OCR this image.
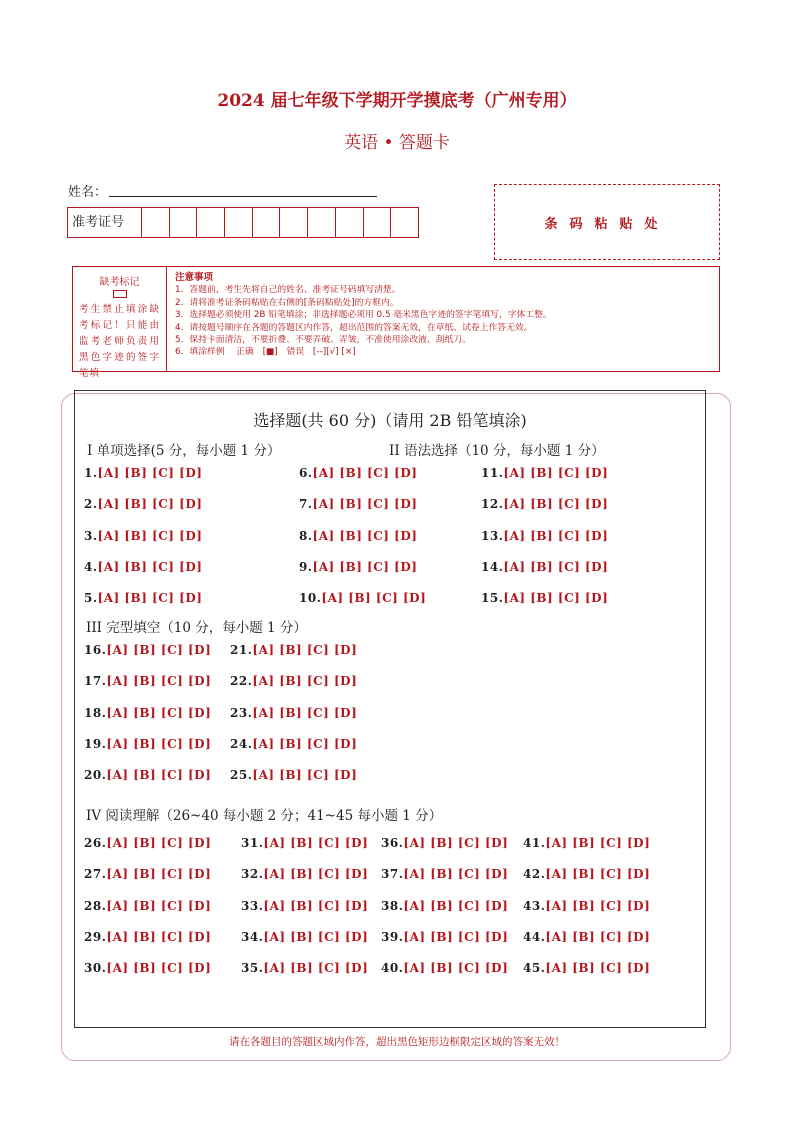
2024 届七年级下学期开学摸底考（广州专用）
英语 • 答题卡
姓名：
准考证号	条码粘贴处
缺考标记
考生禁止填涂缺考标记！只能由监考老师负责用黑色字迹的签字笔填
注意事项
1．答题前，考生先将自己的姓名、准考证号码填写清楚。
2．请将准考证条码粘贴在右侧的[条码粘贴处]的方框内。
3．选择题必须使用 2B 铅笔填涂；非选择题必须用 0.5 毫米黑色字迹的签字笔填写，字体工整。
4．请按题号顺序在各题的答题区内作答，超出范围的答案无效，在草纸、试卷上作答无效。
5．保持卡面清洁，不要折叠、不要弄破、弄皱，不准使用涂改液、刮纸刀。
6．填涂样例　 正确　[■]　错误　[--][√] [×]
选择题(共 60 分)（请用 2B 铅笔填涂)
Ⅰ 单项选择(5 分，每小题 1 分）	II 语法选择（10 分，每小题 1 分）
III 完型填空（10 分，每小题 1 分）
IV 阅读理解（26~40 每小题 2 分；41~45 每小题 1 分）
1.[A] [B] [C] [D]
2.[A] [B] [C] [D]
3.[A] [B] [C] [D]
4.[A] [B] [C] [D]
5.[A] [B] [C] [D]
6.[A] [B] [C] [D]
7.[A] [B] [C] [D]
8.[A] [B] [C] [D]
9.[A] [B] [C] [D]
10.[A] [B] [C] [D]
11.[A] [B] [C] [D]
12.[A] [B] [C] [D]
13.[A] [B] [C] [D]
14.[A] [B] [C] [D]
15.[A] [B] [C] [D]
16.[A] [B] [C] [D]
17.[A] [B] [C] [D]
18.[A] [B] [C] [D]
19.[A] [B] [C] [D]
20.[A] [B] [C] [D]
21.[A] [B] [C] [D]
22.[A] [B] [C] [D]
23.[A] [B] [C] [D]
24.[A] [B] [C] [D]
25.[A] [B] [C] [D]
26.[A] [B] [C] [D]
27.[A] [B] [C] [D]
28.[A] [B] [C] [D]
29.[A] [B] [C] [D]
30.[A] [B] [C] [D]
31.[A] [B] [C] [D]
32.[A] [B] [C] [D]
33.[A] [B] [C] [D]
34.[A] [B] [C] [D]
35.[A] [B] [C] [D]
36.[A] [B] [C] [D]
37.[A] [B] [C] [D]
38.[A] [B] [C] [D]
39.[A] [B] [C] [D]
40.[A] [B] [C] [D]
41.[A] [B] [C] [D]
42.[A] [B] [C] [D]
43.[A] [B] [C] [D]
44.[A] [B] [C] [D]
45.[A] [B] [C] [D]
请在各题目的答题区域内作答，超出黑色矩形边框限定区域的答案无效！
